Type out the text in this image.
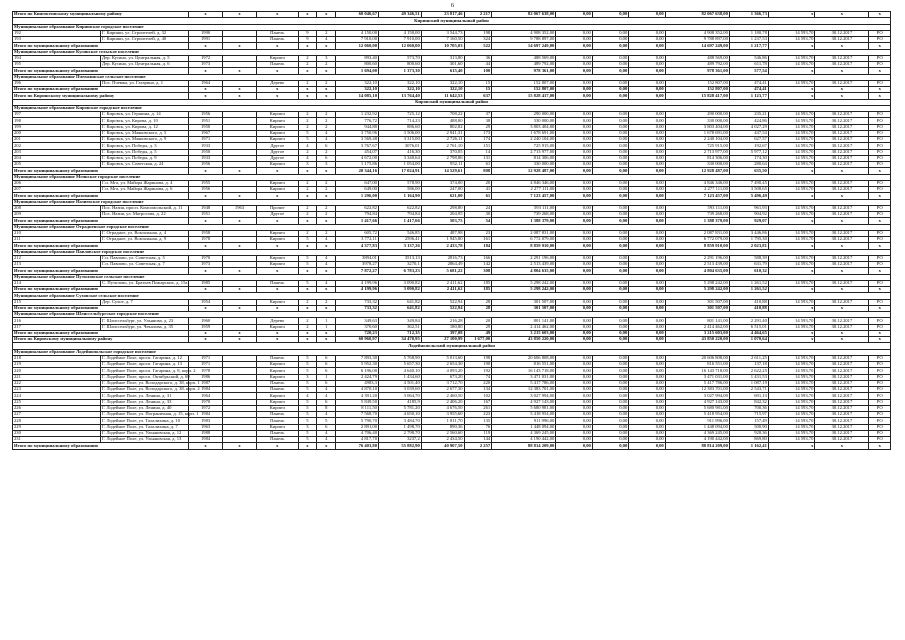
6
Итого по Кингисеппскому муниципальному району		x	x	x	x	x	60 046,67	49 346,51	23 817,46	2 217	82 067 638,00	0,00	0,00	0,00	82 067 638,00	1 366,73	x	x	x
Киришский муниципальный район																			
Муниципальное образование Киришское городское поселение																			
192	Г. Кириши, ул. Строителей, д. 32	1990		Панель	9	2	4 150,00	4 150,00	3 544,73	198	4 908 352,00	0,00	0,00	0,00	4 908 352,00	1 180,78	14 593,70	30.12.2017	РО
193	Г. Кириши, ул. Строителей, д. 40	1991		Панель	9	4	7 910,00	7 910,00	7 160,50	324	9 788 897,00	0,00	0,00	0,00	9 788 897,00	1 237,53	14 593,70	30.12.2017	РО
Итого по муниципальному образованию		x	x	x	x	x	12 060,00	12 060,00	10 705,03	522	14 697 249,00	0,00	0,00	0,00	14 697 249,00	1 217,77	x	x	x
Муниципальное образование Кусинское сельское поселение																			
194	Дер. Кусино, ул. Центральная, д. 5	1972		Кирпич	2	3	893,40	573,70	313,80	36	488 569,00	0,00	0,00	0,00	488 569,00	546,86	14 593,70	30.12.2017	РО
195	Дер. Кусино, ул. Центральная, д. 6	1973		Панель	2	2	800,60	800,60	301,60	44	489 792,00	0,00	0,00	0,00	489 792,00	611,78	14 593,70	30.12.2017	РО
Итого по муниципальному образованию		x	x	x	x	x	1 694,00	1 373,30	615,40	100	978 361,00	0,00	0,00	0,00	978 361,00	577,54	x	x	x
Муниципальное образование Пчевжинское сельское поселение																			
196	Пос. Пчевжа, ул. Гагарина, д. 1	1964		Дерево	2	2	322,10	322,10	322,10	15	152 807,00	0,00	0,00	0,00	152 807,00	474,41	14 593,70	30.12.2017	РО
Итого по муниципальному образованию		x	x	x	x	x	322,10	322,10	322,10	15	152 807,00	0,00	0,00	0,00	152 807,00	474,41	x	x	x
Итого по Киришскому муниципальному району		x	x	x	x	x	14 085,10	13 764,40	11 642,53	637	15 828 417,00	0,00	0,00	0,00	15 828 417,00	1 123,77	x	x	x
Кировский муниципальный район																			
Муниципальное образование Кировское городское поселение																			
197	Г. Кировск, ул. Гершина, д. 14	1956		Кирпич	2	2	1 232,92	725,12	708,22	37	290 000,00	0,00	0,00	0,00	290 000,00	235,21	14 593,70	30.12.2017	РО
198	Г. Кировск, ул. Кирова, д. 10	1951		Кирпич	2	2	776,72	714,23	488,00	38	330 000,00	0,00	0,00	0,00	330 000,00	424,86	14 593,70	30.12.2017	РО
199	Г. Кировск, ул. Кирова, д. 12	1950		Кирпич	2	2	944,88	886,60	802,82	29	3 803 404,00	0,00	0,00	0,00	3 803 404,00	4 027,29	14 593,70	30.12.2017	РО
200	Г. Кировск, ул. Маяковского, д. 5	1967		Кирпич	5	4	3 750,96	3 506,00	2 941,31	173	1 678 691,00	0,00	0,00	0,00	1 678 691,00	447,54	14 593,70	30.12.2017	РО
201	Г. Кировск, ул. Маяковского, д. 9	1971		Кирпич	5	4	3 569,48	3 315,00	2 726,11	174	2 240 104,00	0,00	0,00	0,00	2 240 104,00	627,57	14 593,70	30.12.2017	РО
202	Г. Кировск, ул. Победы, д. 3	1933		Другое	4	6	3 767,67	3076,01	2 761,10	151	725 915,00	0,00	0,00	0,00	725 915,00	192,67	14 593,70	30.12.2017	РО
203	Г. Кировск, ул. Победы, д. 5	1950		Другое	2	2	454,07	416,30	370,05	14	2 713 977,00	0,00	0,00	0,00	2 713 977,00	5 977,12	14 593,70	30.12.2017	РО
204	Г. Кировск, ул. Победы, д. 9	1933		Другое	4	6	4 672,00	3 340,64	2 798,86	131	814 306,00	0,00	0,00	0,00	814 306,00	174,30	14 593,70	30.12.2017	РО
205	Г. Кировск, ул. Советская, д. 24	1956		Кирпич	3	3	1 175,86	1 054,00	952,11	61	330 000,00	0,00	0,00	0,00	330 000,00	280,64	14 593,70	30.12.2017	РО
Итого по муниципальному образованию		x	x	x	x	x	20 344,16	17 024,91	14 529,61	808	12 928 487,00	0,00	0,00	0,00	12 928 487,00	635,50	x	x	x
Муниципальное образование Мгинское городское поселение																			
206	Г.п. Мга, ул. Майора Жаринова, д. 4	1955		Кирпич	2	2	647,00	578,90	374,00	20	4 846 346,00	0,00	0,00	0,00	4 846 346,00	7 490,45	14 593,70	30.12.2017	РО
207	Г.п. Мга, ул. Майора Жаринова, д. 6	1956		Кирпич	2	2	649,00	586,00	247,00	41	2 277 111,00	0,00	0,00	0,00	2 277 111,00	3 508,65	14 593,70	30.12.2017	РО
Итого по муниципальному образованию		x	x	x	x	x	1 296,00	1 164,90	621,00	61	7 123 457,00	0,00	0,00	0,00	7 123 457,00	5 496,49	x	x	x
Муниципальное образование Назиевское городское поселение																			
208	Пос. Назия, просп. Комсомольский, д. 11	1948	1963	Прочие	2	2	622,82	622,82	298,80	24	593 111,00	0,00	0,00	0,00	593 111,00	961,93	14 593,70	30.12.2017	РО
209	Пос. Назия, ул. Матросова, д. 22	1951		Другое	2	2	794,84	794,84	204,95	30	739 268,00	0,00	0,00	0,00	739 268,00	904,92	14 593,70	30.12.2017	РО
Итого по муниципальному образованию		x	x	x	x	x	1 417,66	1 417,66	503,75	54	1 388 379,00	0,00	0,00	0,00	1 388 379,00	929,07	x	x	x
Муниципальное образование Отрадненское городское поселение																			
210	Г. Отрадное, ул. Вокзальная, д. 4	1958		Кирпич	2	2	605,72	546,85	487,98	23	2 087 831,00	0,00	0,00	0,00	2 087 831,00	3 446,86	14 593,70	30.12.2017	РО
211	Г. Отрадное, ул. Вокзальная, д. 9	1978		Кирпич	5	4	3 772,11	2596,41	1 945,80	161	6 772 079,00	0,00	0,00	0,00	6 772 079,00	1 795,30	14 593,70	30.12.2017	РО
Итого по муниципальному образованию		x	x	x	x	x	4 377,83	3 137,26	2 433,78	184	8 859 910,00	0,00	0,00	0,00	8 859 910,00	2 023,81	x	x	x
Муниципальное образование Павловское городское поселение																			
212	Г.п. Павлово, ул. Советская, д. 5	1970		Кирпич	5	4	3894,01	3513,13	2816,73	166	2 291 196,00	0,00	0,00	0,00	2 291 196,00	588,39	14 593,70	30.12.2017	РО
213	Г.п. Павлово, ул. Советская, д. 7	1973		Кирпич	5	4	3978,27	3270,1	2864,49	142	2 513 439,00	0,00	0,00	0,00	2 513 439,00	631,79	14 593,70	30.12.2017	РО
Итого по муниципальному образованию		x	x	x	x	x	7 872,27	6 783,23	5 681,22	308	4 804 635,00	0,00	0,00	0,00	4 804 635,00	610,32	x	x	x
Муниципальное образование Путиловское сельское поселение																			
214	С. Путилово, ул. Братьев Пожарских, д. 15а	1985		Панель	5	4	4 199,96	3 090,82	2 411,62	185	5 298 242,00	0,00	0,00	0,00	5 298 242,00	1 261,52	14 593,70	30.12.2017	РО
Итого по муниципальному образованию		x	x	x	x	x	4 199,96	3 090,82	2 411,62	185	5 298 242,00	0,00	0,00	0,00	5 298 242,00	1 261,52	x	x	x
Муниципальное образование Суховское сельское поселение																			
215	Дер. Сухое, д. 7	1954		Кирпич	2	2	733,32	641,82	522,94	28	301 507,00	0,00	0,00	0,00	301 507,00	410,88	14 593,70	30.12.2017	РО
Итого по муниципальному образованию		x	x	x	x	x	733,32	641,82	522,94	28	301 507,00	0,00	0,00	0,00	301 507,00	410,88	x	x	x
Муниципальное образование Шлиссельбургское городское поселение																			
216	Г. Шлиссельбург, ул. Ульянова, д. 23	1960		Дерево	2	1	349,63	349,84	216,28	20	801 141,00	0,00	0,00	0,00	801 141,00	2 291,40	14 593,70	30.12.2017	РО
217	Г. Шлиссельбург, ул. Чекалова, д. 35	1959		Кирпич	2	1	370,60	362,51	180,80	29	2 414 462,00	0,00	0,00	0,00	2 414 462,00	6 515,01	14 593,70	30.12.2017	РО
Итого по муниципальному образованию		x	x	x	x	x	720,23	712,35	397,08	49	3 215 603,00	0,00	0,00	0,00	3 215 603,00	4 464,65	x	x	x
Итого по Кировскому муниципальному району		x	x	x	x	x	60 960,97	34 470,95	27 100,99	1 677,00	43 850 220,00	0,00	0,00	0,00	43 850 220,00	1 070,64	x	x	x
Лодейнопольский муниципальный район																			
Муниципальное образование Лодейнопольское городское поселение																			
218	Г. Лодейное Поле, просп. Гагарина, д. 12	1971		Панель	5	6	7 893,30	5 768,90	5 013,60	198	20 606 808,00	0,00	0,00	0,00	20 606 808,00	2 611,25	14 593,70	30.12.2017	РО
219	Г. Лодейное Поле, просп. Гагарина, д. 13	1971		Кирпич	5	6	5 952,30	5 657,30	2 654,30	190	816 551,00	0,00	0,00	0,00	816 551,00	137,18	14 593,70	30.12.2017	РО
220	Г. Лодейное Поле, просп. Гагарина, д. 8, корп. 2	1978		Кирпич	5	6	6 196,00	4 640,10	4 093,20	192	16 143 718,00	0,00	0,00	0,00	16 143 718,00	2 622,25	14 593,70	30.12.2017	РО
221	Г. Лодейное Поле, просп. Октябрьский, д. 69	1986		Кирпич	3	1	2 424,79	1 434,60	673,20	74	3 471 031,00	0,00	0,00	0,00	3 471 031,00	1 431,53	14 593,70	30.12.2017	РО
222	Г. Лодейное Поле, ул. Володарского, д. 38, корп. 1	1987		Панель	5	6	4983,3	4 501,40	3 712,70	220	5 417 786,00	0,00	0,00	0,00	5 417 786,00	1 087,19	14 593,70	30.12.2017	РО
223	Г. Лодейное Поле, ул. Володарского, д. 38, корп. 2	1984		Панель	5	4	4 870,10	3 039,60	2 677,30	134	12 383 701,00	0,00	0,00	0,00	12 383 701,00	2 543,71	14 593,70	30.12.2017	РО
224	Г. Лодейное Поле, ул. Ленина, д. 31	1964		Кирпич	4	4	4 391,20	3 064,70	2 460,50	102	3 027 994,00	0,00	0,00	0,00	3 027 994,00	691,13	14 593,70	30.12.2017	РО
225	Г. Лодейное Поле, ул. Ленина, д. 33	1970		Кирпич	5	6	5 849,50	4185,9	2 406,20	167	4 927 143,00	0,00	0,00	0,00	4 927 143,00	842,32	14 593,70	30.12.2017	РО
226	Г. Лодейное Поле, ул. Ленина, д. 40	1972		Кирпич	5	8	8 111,50	5 781,20	4 676,50	261	5 680 981,00	0,00	0,00	0,00	5 680 981,00	700,36	14 593,70	30.12.2017	РО
227	Г. Лодейное Поле, ул. Пограничная, д. 15, корп. 1	1984		Панель	5	4	7 568,70	4 650,10	3 955,60	223	5 418 954,00	0,00	0,00	0,00	5 418 954,00	715,97	14 593,70	30.12.2017	РО
228	Г. Лодейное Поле, ул. Талалихина, д. 10	1983		Панель	5	5	5 790,70	3 484,70	1 811,70	135	911 996,00	0,00	0,00	0,00	911 996,00	157,49	14 593,70	30.12.2017	РО
229	Г. Лодейное Поле, ул. Талалихина, д. 7	1963		Кирпич	3	6	2 891,00	1 498,70	890,36	76	1 448 094,00	0,00	0,00	0,00	1 448 094,00	500,90	14 593,70	30.12.2017	РО
230	Г. Лодейное Поле, ул. Ульяновская, д. 12	1988		Панель	5	4	4 706,40	2 798,70	2 560,60	119	4 369 245,00	0,00	0,00	0,00	4 369 245,00	928,36	14 593,70	30.12.2017	РО
231	Г. Лодейное Поле, ул. Ульяновская, д. 13	1984		Панель	5	4	4 817,70	3237,2	2 434,50	144	4 190 442,00	0,00	0,00	0,00	4 190 442,00	869,80	14 593,70	30.12.2017	РО
Итого по муниципальному образованию		x	x	x	x	x	76 403,80	55 882,90	40 907,50	2 257	88 814 209,00	0,00	0,00	0,00	88 814 209,00	1 162,41	x	x	x
